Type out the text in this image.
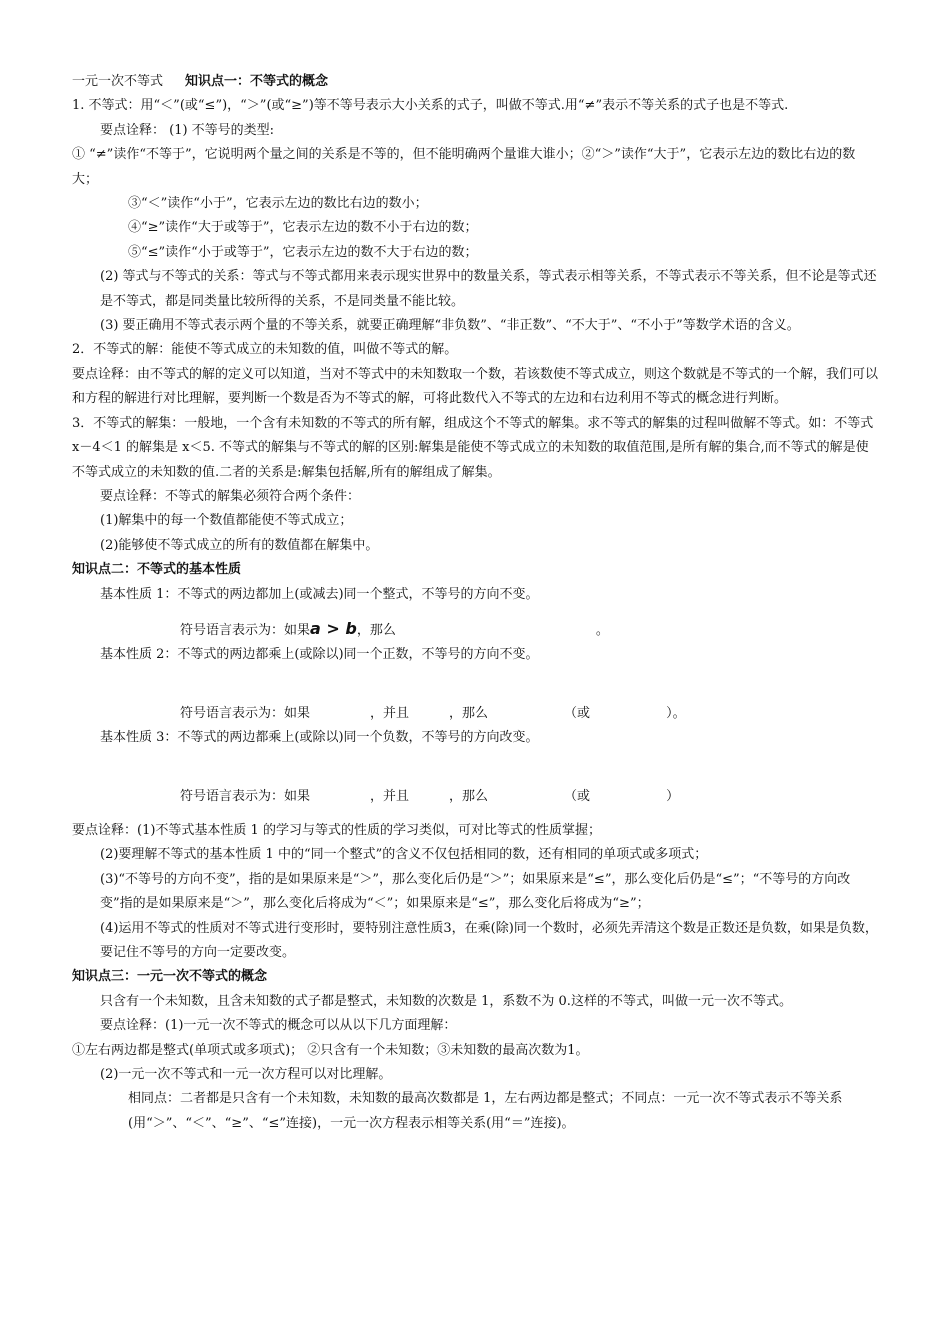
一元一次不等式 知识点一：不等式的概念

1. 不等式：用“＜”(或“≤”)，“＞”(或“≥”)等不等号表示大小关系的式子，叫做不等式.用“≠”表示不等关系的式子也是不等式.

要点诠释： (1) 不等号的类型:

① “≠”读作“不等于”，它说明两个量之间的关系是不等的，但不能明确两个量谁大谁小；②“＞”读作“大于”，它表示左边的数比右边的数大；

③“＜”读作“小于”，它表示左边的数比右边的数小；

④“≥”读作“大于或等于”，它表示左边的数不小于右边的数；

⑤“≤”读作“小于或等于”，它表示左边的数不大于右边的数；

(2) 等式与不等式的关系：等式与不等式都用来表示现实世界中的数量关系，等式表示相等关系，不等式表示不等关系，但不论是等式还是不等式，都是同类量比较所得的关系，不是同类量不能比较。

(3) 要正确用不等式表示两个量的不等关系，就要正确理解“非负数”、“非正数”、“不大于”、“不小于”等数学术语的含义。

2．不等式的解：能使不等式成立的未知数的值，叫做不等式的解。

要点诠释：由不等式的解的定义可以知道，当对不等式中的未知数取一个数，若该数使不等式成立，则这个数就是不等式的一个解，我们可以和方程的解进行对比理解，要判断一个数是否为不等式的解，可将此数代入不等式的左边和右边利用不等式的概念进行判断。

3．不等式的解集：一般地，一个含有未知数的不等式的所有解，组成这个不等式的解集。求不等式的解集的过程叫做解不等式。如：不等式 x－4＜1 的解集是 x＜5. 不等式的解集与不等式的解的区别:解集是能使不等式成立的未知数的取值范围,是所有解的集合,而不等式的解是使不等式成立的未知数的值.二者的关系是:解集包括解,所有的解组成了解集。

要点诠释：不等式的解集必须符合两个条件：

(1)解集中的每一个数值都能使不等式成立；

(2)能够使不等式成立的所有的数值都在解集中。

知识点二：不等式的基本性质

基本性质 1：不等式的两边都加上(或减去)同一个整式，不等号的方向不变。

符号语言表示为：如果a > b，那么	。

基本性质 2：不等式的两边都乘上(或除以)同一个正数，不等号的方向不变。

符号语言表示为：如果	，并且	，那么	（或	）。

基本性质 3：不等式的两边都乘上(或除以)同一个负数，不等号的方向改变。

符号语言表示为：如果	，并且	，那么	（或	）

要点诠释：(1)不等式基本性质 1 的学习与等式的性质的学习类似，可对比等式的性质掌握；

(2)要理解不等式的基本性质 1 中的“同一个整式”的含义不仅包括相同的数，还有相同的单项式或多项式；

(3)“不等号的方向不变”，指的是如果原来是“＞”，那么变化后仍是“＞”；如果原来是“≤”，那么变化后仍是“≤”；“不等号的方向改变”指的是如果原来是“＞”，那么变化后将成为“＜”；如果原来是“≤”，那么变化后将成为“≥”；

(4)运用不等式的性质对不等式进行变形时，要特别注意性质3，在乘(除)同一个数时，必须先弄清这个数是正数还是负数，如果是负数，要记住不等号的方向一定要改变。

知识点三：一元一次不等式的概念

只含有一个未知数，且含未知数的式子都是整式，未知数的次数是 1，系数不为 0.这样的不等式，叫做一元一次不等式。

要点诠释：(1)一元一次不等式的概念可以从以下几方面理解：

①左右两边都是整式(单项式或多项式)； ②只含有一个未知数；③未知数的最高次数为1。

(2)一元一次不等式和一元一次方程可以对比理解。

相同点：二者都是只含有一个未知数，未知数的最高次数都是 1，左右两边都是整式；不同点：一元一次不等式表示不等关系(用“＞”、“＜”、“≥”、“≤”连接)，一元一次方程表示相等关系(用“＝”连接)。
